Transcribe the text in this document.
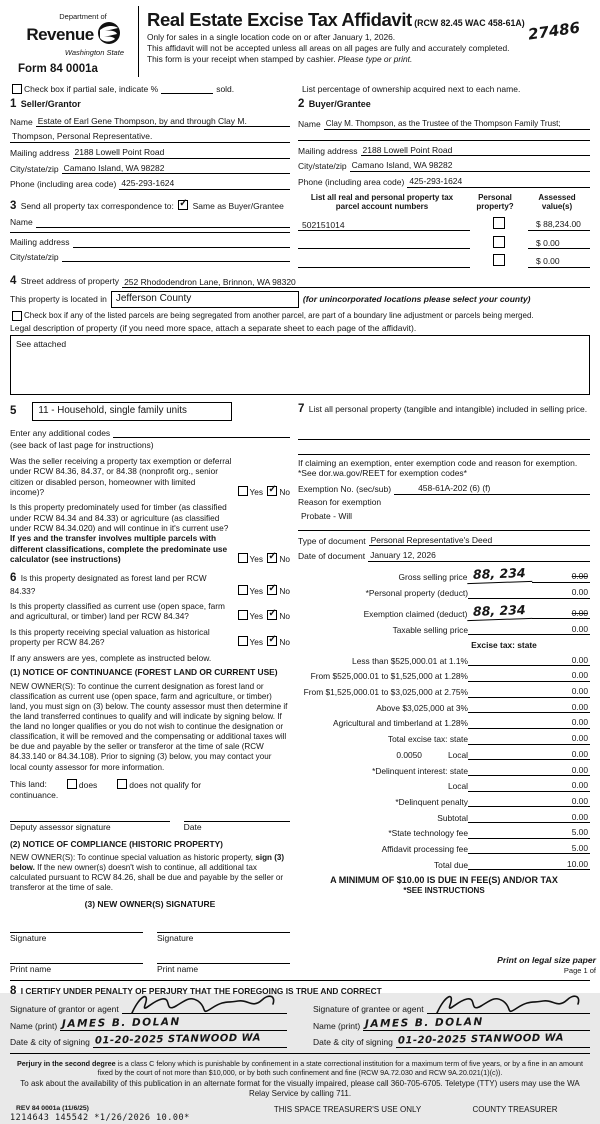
Department of
Revenue
Washington State
Form 84 0001a
Real Estate Excise Tax Affidavit (RCW 82.45 WAC 458-61A)
Only for sales in a single location code on or after January 1, 2026.
This affidavit will not be accepted unless all areas on all pages are fully and accurately completed.
This form is your receipt when stamped by cashier. Please type or print.
27486
Check box if partial sale, indicate %	sold.	List percentage of ownership acquired next to each name.
1 Seller/Grantor
Name Estate of Earl Gene Thompson, by and through Clay M.
Thompson, Personal Representative.
Mailing address 2188 Lowell Point Road
City/state/zip Camano Island, WA 98282
Phone (including area code) 425-293-1624
3 Send all property tax correspondence to: ✓ Same as Buyer/Grantee
Name
Mailing address
City/state/zip
2 Buyer/Grantee
Name Clay M. Thompson, as the Trustee of the Thompson Family Trust;
Mailing address 2188 Lowell Point Road
City/state/zip Camano Island, WA 98282
Phone (including area code) 425-293-1624
List all real and personal property tax parcel account numbers
Personal property?
Assessed value(s)
502151014	$ 88,234.00
$ 0.00
$ 0.00
4 Street address of property 252 Rhododendron Lane, Brinnon, WA 98320
This property is located in Jefferson County	(for unincorporated locations please select your county)
Check box if any of the listed parcels are being segregated from another parcel, are part of a boundary line adjustment or parcels being merged.
Legal description of property (if you need more space, attach a separate sheet to each page of the affidavit).
See attached
5	11 - Household, single family units
Enter any additional codes
(see back of last page for instructions)
Was the seller receiving a property tax exemption or deferral under RCW 84.36, 84.37, or 84.38 (nonprofit org., senior citizen or disabled person, homeowner with limited income)?	Yes ✓ No
Is this property predominately used for timber (as classified under RCW 84.34 and 84.33) or agriculture (as classified under RCW 84.34.020) and will continue in it's current use? If yes and the transfer involves multiple parcels with different classifications, complete the predominate use calculator (see instructions)	Yes ✓ No
6 Is this property designated as forest land per RCW 84.33?	Yes ✓ No
Is this property classified as current use (open space, farm and agricultural, or timber) land per RCW 84.34?	Yes ✓ No
Is this property receiving special valuation as historical property per RCW 84.26?	Yes ✓ No
If any answers are yes, complete as instructed below.
(1) NOTICE OF CONTINUANCE (FOREST LAND OR CURRENT USE)
NEW OWNER(S): To continue the current designation as forest land or classification as current use (open space, farm and agriculture, or timber) land, you must sign on (3) below. The county assessor must then determine if the land transferred continues to qualify and will indicate by signing below. If the land no longer qualifies or you do not wish to continue the designation or classification, it will be removed and the compensating or additional taxes will be due and payable by the seller or transferor at the time of sale (RCW 84.33.140 or 84.34.108). Prior to signing (3) below, you may contact your local county assessor for more information.
This land:	does	does not qualify for
continuance.
Deputy assessor signature	Date
(2) NOTICE OF COMPLIANCE (HISTORIC PROPERTY)
NEW OWNER(S): To continue special valuation as historic property, sign (3) below. If the new owner(s) doesn't wish to continue, all additional tax calculated pursuant to RCW 84.26, shall be due and payable by the seller or transferor at the time of sale.
(3) NEW OWNER(S) SIGNATURE
Signature	Signature
Print name	Print name
7 List all personal property (tangible and intangible) included in selling price.
If claiming an exemption, enter exemption code and reason for exemption. *See dor.wa.gov/REET for exemption codes*
Exemption No. (sec/sub)	458-61A-202 (6) (f)
Reason for exemption
Probate - Will
Type of document Personal Representative's Deed
Date of document January 12, 2026
Gross selling price 88, 234	0.00
*Personal property (deduct)	0.00
Exemption claimed (deduct) 88, 234	0.00
Taxable selling price	0.00
Excise tax: state
Less than $525,000.01 at 1.1%	0.00
From $525,000.01 to $1,525,000 at 1.28%	0.00
From $1,525,000.01 to $3,025,000 at 2.75%	0.00
Above $3,025,000 at 3%	0.00
Agricultural and timberland at 1.28%	0.00
Total excise tax: state	0.00
0.0050	Local	0.00
*Delinquent interest: state	0.00
Local	0.00
*Delinquent penalty	0.00
Subtotal	0.00
*State technology fee	5.00
Affidavit processing fee	5.00
Total due	10.00
A MINIMUM OF $10.00 IS DUE IN FEE(S) AND/OR TAX
*SEE INSTRUCTIONS
8 I CERTIFY UNDER PENALTY OF PERJURY THAT THE FOREGOING IS TRUE AND CORRECT
Signature of grantor or agent
Name (print) JAMES B. DOLAN
Date & city of signing 01-20-2025 STANWOOD WA
Signature of grantee or agent
Name (print) JAMES B. DOLAN
Date & city of signing 01-20-2025 STANWOOD WA

Perjury in the second degree is a class C felony which is punishable by confinement in a state correctional institution for a maximum term of five years, or by a fine in an amount fixed by the court of not more than $10,000, or by both such confinement and fine (RCW 9A.72.030 and RCW 9A.20.021(1)(c)).

To ask about the availability of this publication in an alternate format for the visually impaired, please call 360-705-6705. Teletype (TTY) users may use the WA Relay Service by calling 711.

REV 84 0001a (11/6/25)
1214643 145542 *1/26/2026 10.00*
THIS SPACE TREASURER'S USE ONLY	COUNTY TREASURER
Print on legal size paper
Page 1 of
